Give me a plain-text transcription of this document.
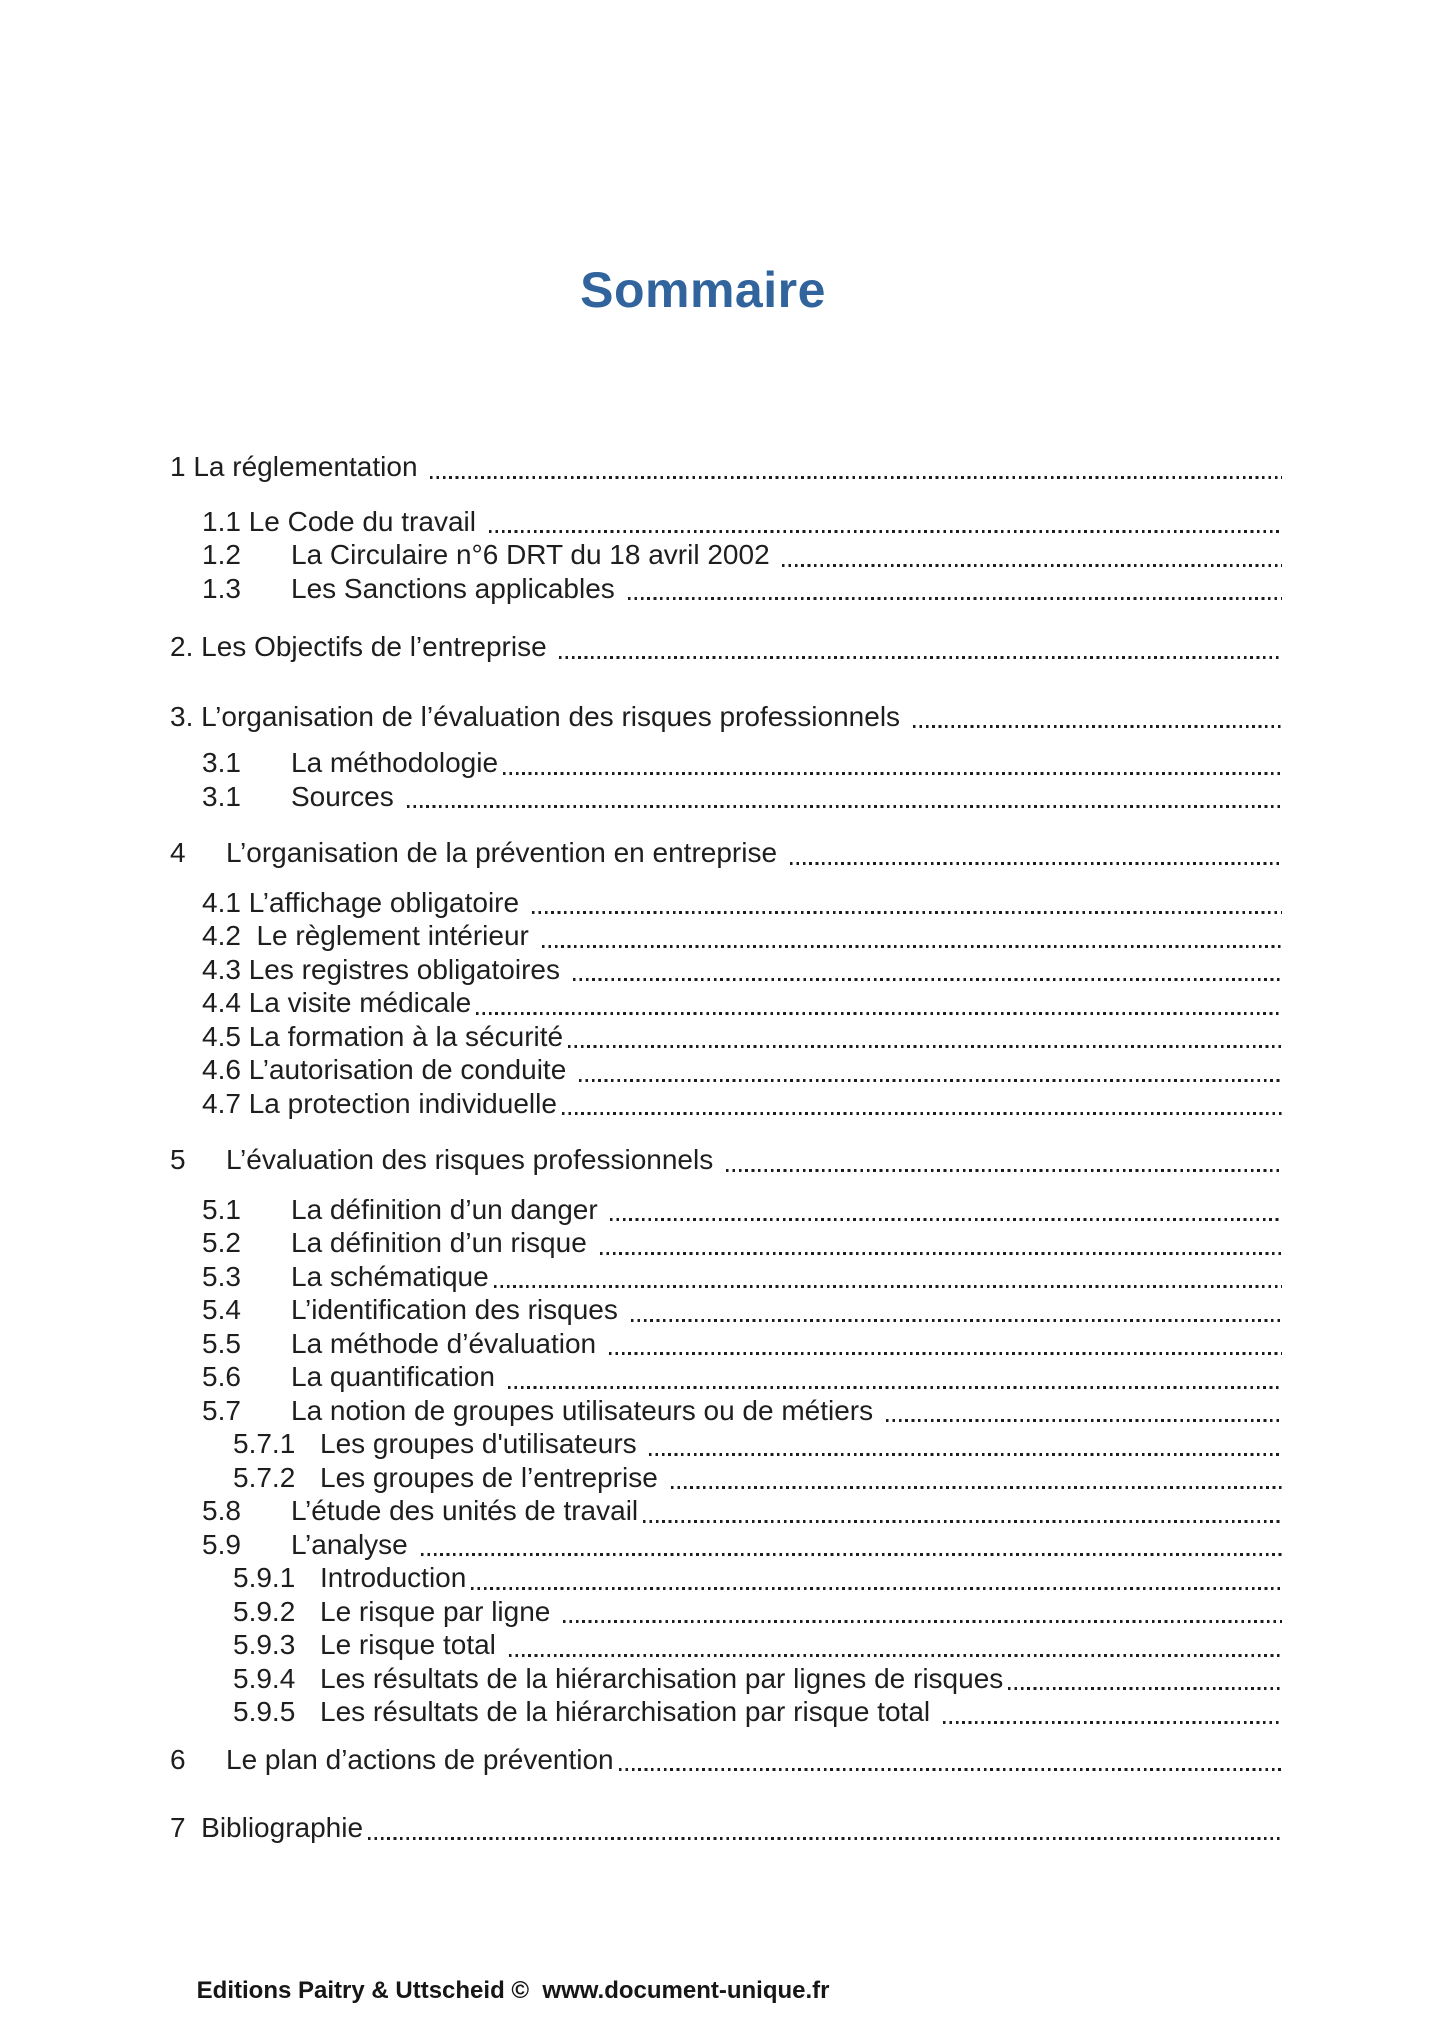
Sommaire
1 La réglementation
1.1 Le Code du travail
1.2	La Circulaire n°6 DRT du 18 avril 2002
1.3	Les Sanctions applicables
2. Les Objectifs de l’entreprise
3. L’organisation de l’évaluation des risques professionnels
3.1	La méthodologie
3.1	Sources
4	L’organisation de la prévention en entreprise
4.1 L’affichage obligatoire
4.2 Le règlement intérieur
4.3 Les registres obligatoires
4.4 La visite médicale
4.5 La formation à la sécurité
4.6 L’autorisation de conduite
4.7 La protection individuelle
5	L’évaluation des risques professionnels
5.1	La définition d’un danger
5.2	La définition d’un risque
5.3	La schématique
5.4	L’identification des risques
5.5	La méthode d’évaluation
5.6	La quantification
5.7	La notion de groupes utilisateurs ou de métiers
5.7.1 Les groupes d'utilisateurs
5.7.2 Les groupes de l’entreprise
5.8	L’étude des unités de travail
5.9	L’analyse
5.9.1 Introduction
5.9.2 Le risque par ligne
5.9.3 Le risque total
5.9.4 Les résultats de la hiérarchisation par lignes de risques
5.9.5 Les résultats de la hiérarchisation par risque total
6	Le plan d’actions de prévention
7 Bibliographie

Editions Paitry & Uttscheid ©  www.document-unique.fr
